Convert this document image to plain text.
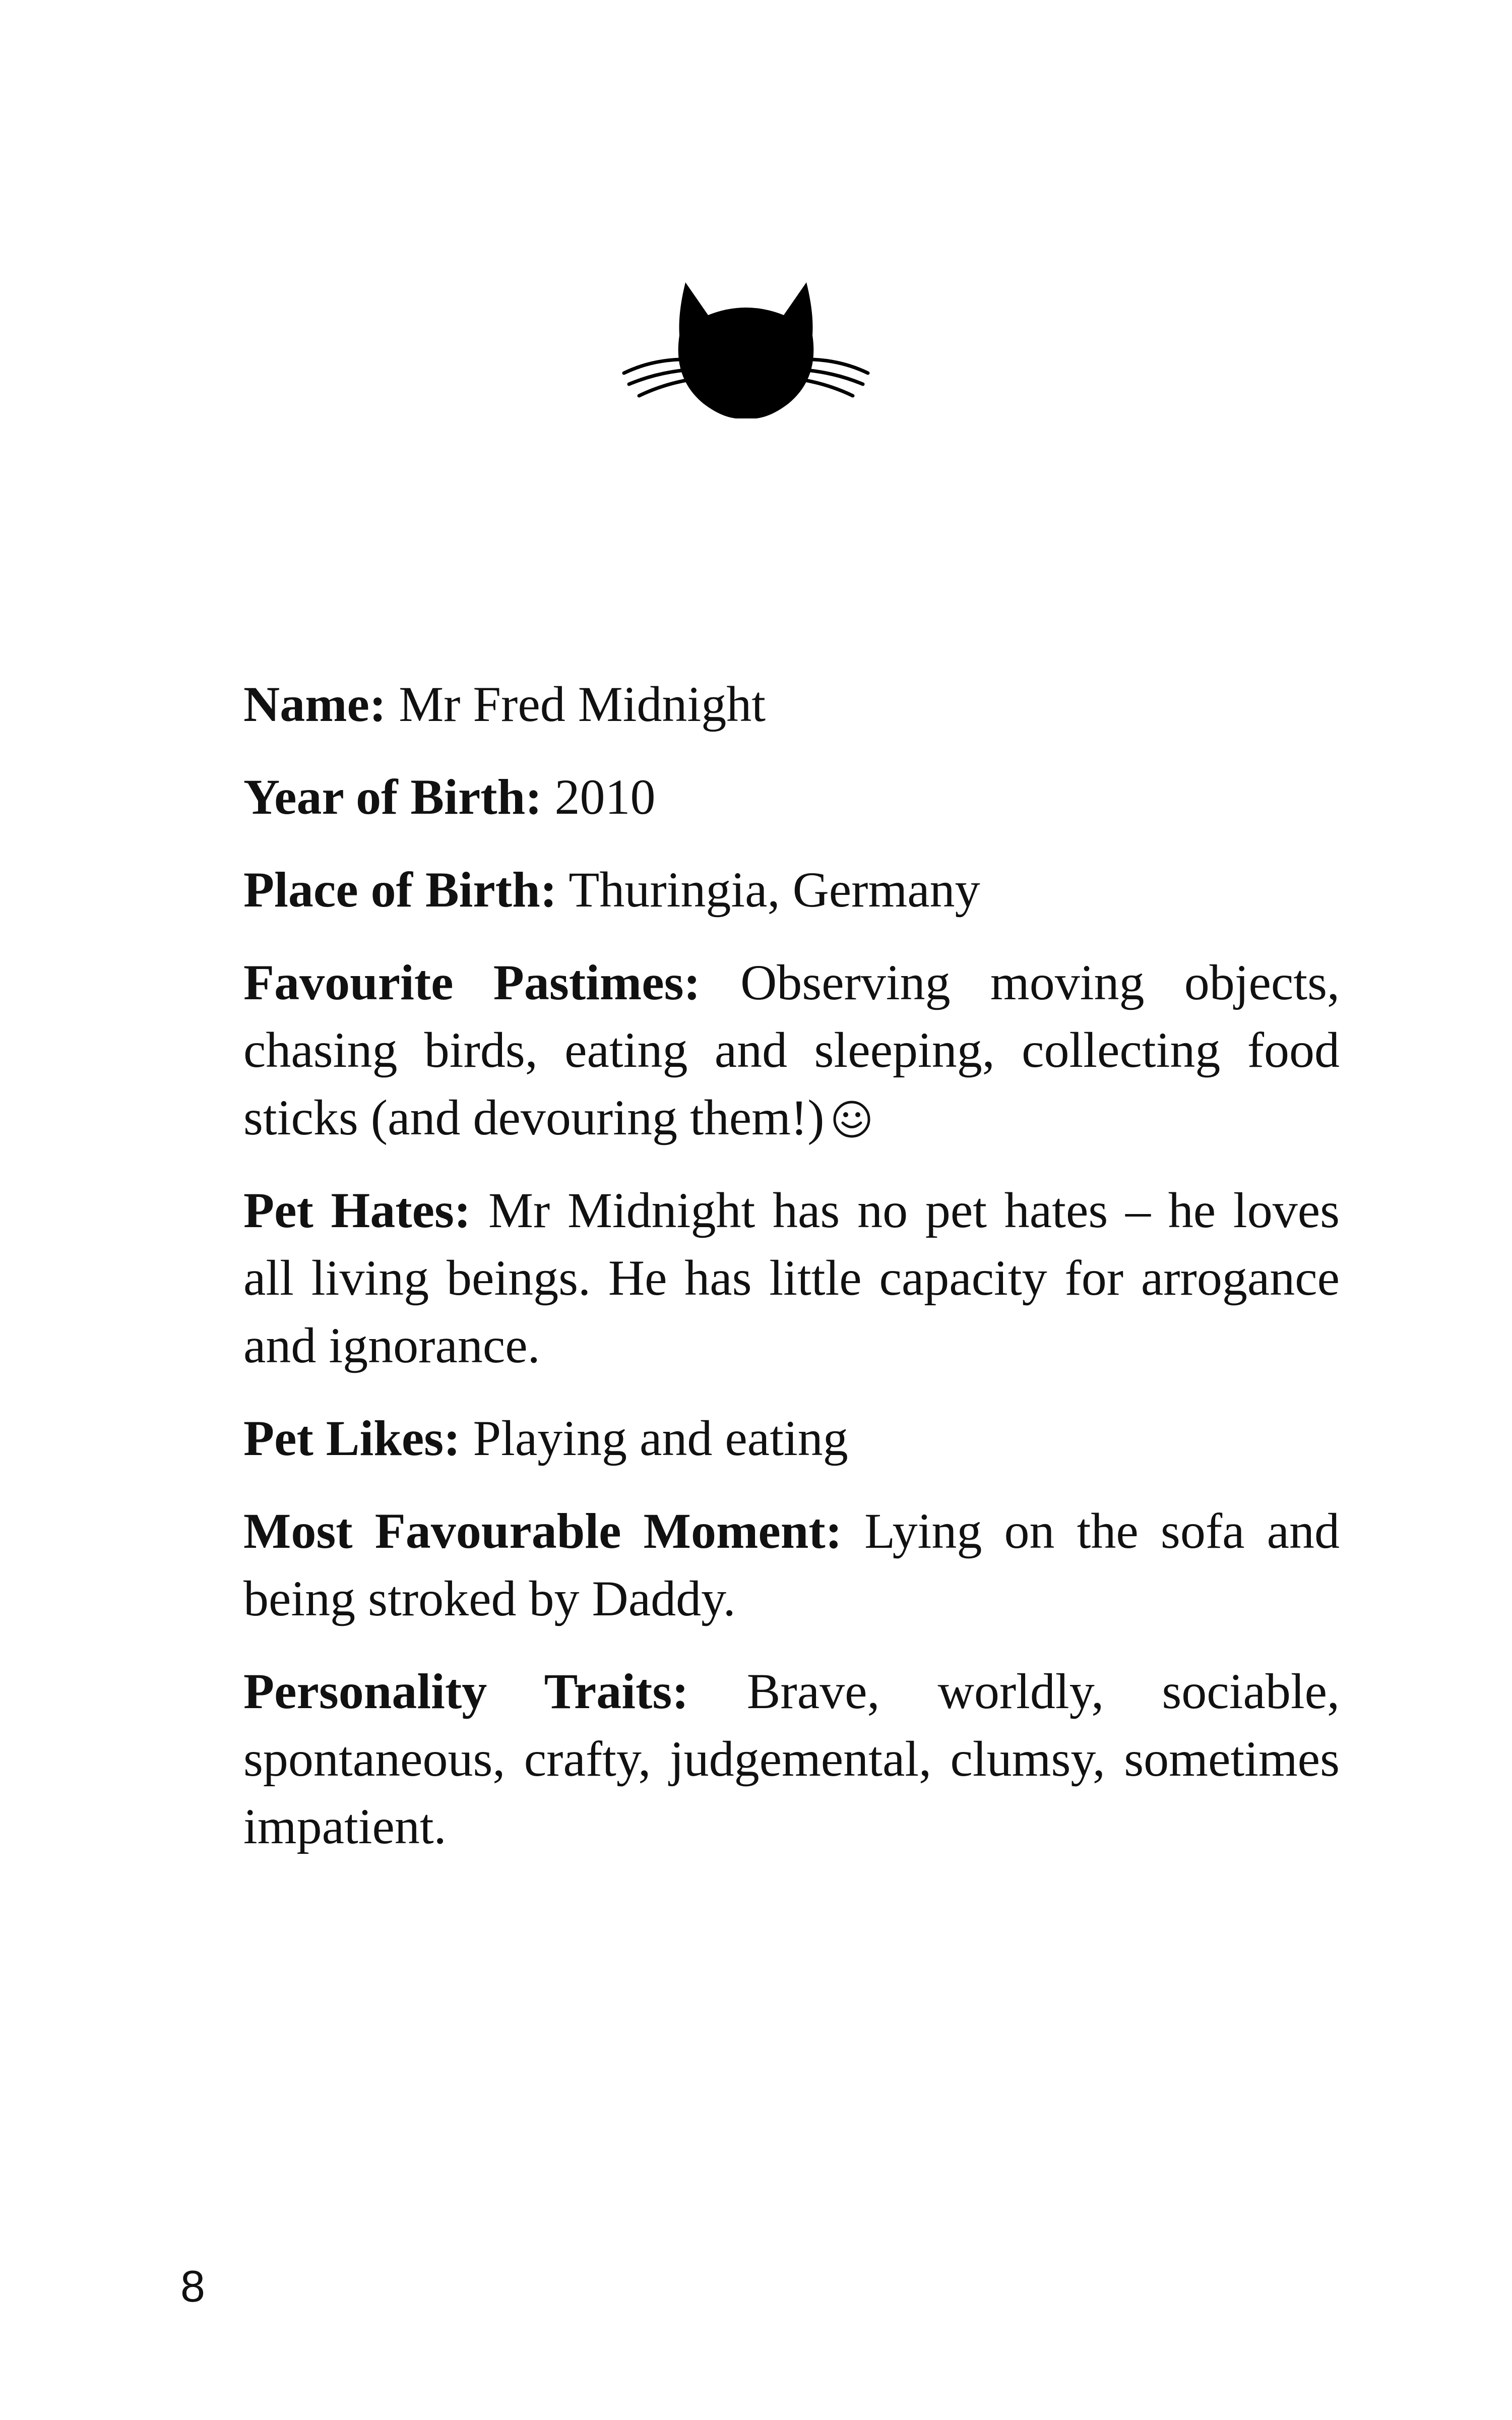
Name: Mr Fred Midnight

Year of Birth: 2010

Place of Birth: Thuringia, Germany

Favourite Pastimes: Observing moving objects, chasing birds, eating and sleeping, collecting food sticks (and devouring them!)

Pet Hates: Mr Midnight has no pet hates – he loves all living beings. He has little capacity for arrogance and ignorance.

Pet Likes: Playing and eating

Most Favourable Moment: Lying on the sofa and being stroked by Daddy.

Personality Traits: Brave, worldly, sociable, spontaneous, crafty, judgemental, clumsy, sometimes impatient.

8
